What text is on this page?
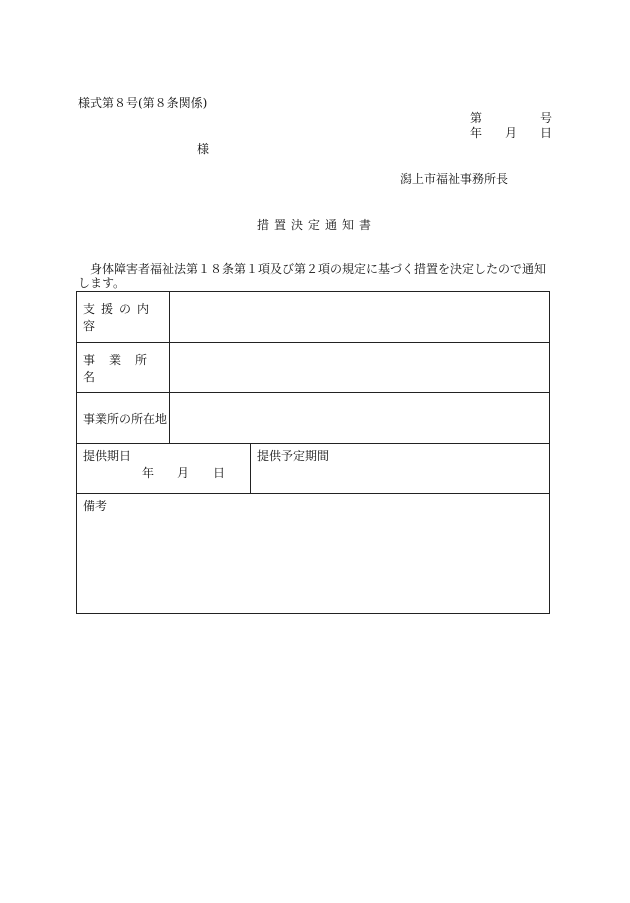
様式第８号(第８条関係)
第	号
年 月 日
様
潟上市福祉事務所長
措置決定通知書
身体障害者福祉法第１８条第１項及び第２項の規定に基づく措置を決定したので通知します。
支援の内容
事業所名
事業所の所在地
提供期日
年 月 日
提供予定期間
備考
